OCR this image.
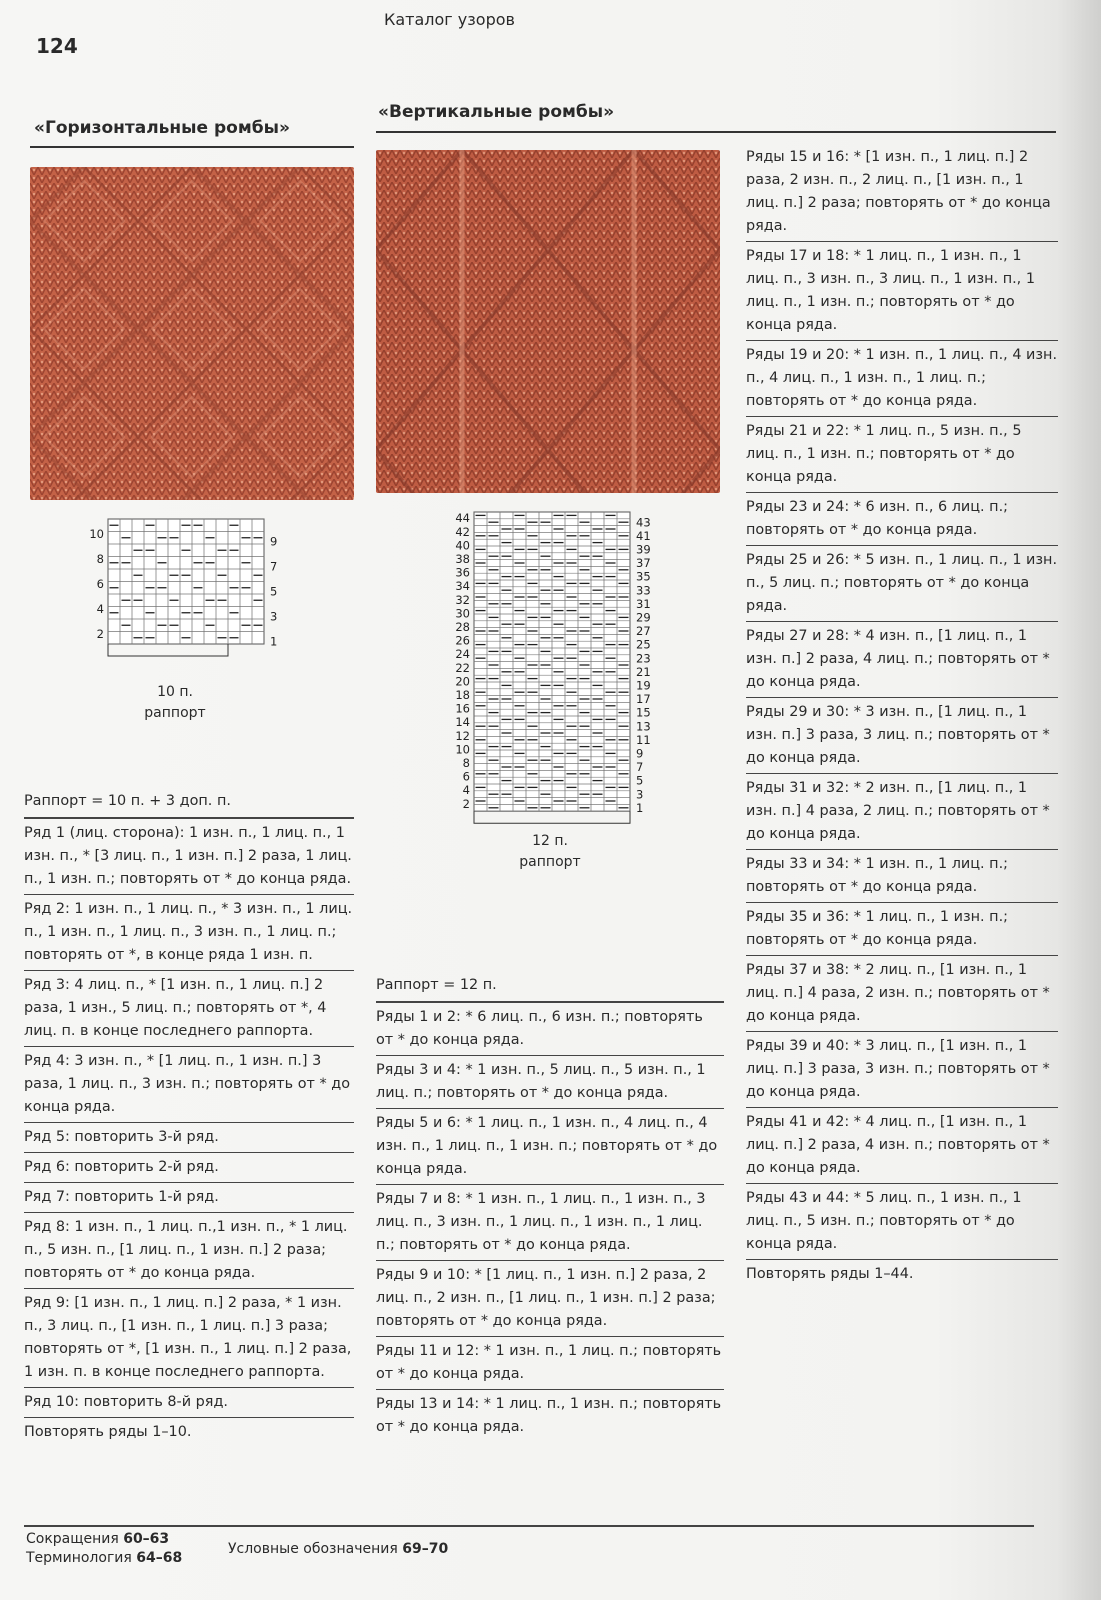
124
Каталог узоров
«Горизонтальные ромбы»
«Вертикальные ромбы»
10
8
6
4
2
9
7
5
3
1
10 п.
раппорт
44
42
40
38
36
34
32
30
28
26
24
22
20
18
16
14
12
10
8
6
4
2
43
41
39
37
35
33
31
29
27
25
23
21
19
17
15
13
11
9
7
5
3
1
12 п.
раппорт
Раппорт = 10 п. + 3 доп. п.
Ряд 1 (лиц. сторона): 1 изн. п., 1 лиц. п., 1 изн. п., * [3 лиц. п., 1 изн. п.] 2 раза, 1 лиц. п., 1 изн. п.; повторять от * до конца ряда.
Ряд 2: 1 изн. п., 1 лиц. п., * 3 изн. п., 1 лиц. п., 1 изн. п., 1 лиц. п., 3 изн. п., 1 лиц. п.; повторять от *, в конце ряда 1 изн. п.
Ряд 3: 4 лиц. п., * [1 изн. п., 1 лиц. п.] 2 раза, 1 изн., 5 лиц. п.; повторять от *, 4 лиц. п. в конце последнего раппорта.
Ряд 4: 3 изн. п., * [1 лиц. п., 1 изн. п.] 3 раза, 1 лиц. п., 3 изн. п.; повторять от * до конца ряда.
Ряд 5: повторить 3-й ряд.
Ряд 6: повторить 2-й ряд.
Ряд 7: повторить 1-й ряд.
Ряд 8: 1 изн. п., 1 лиц. п.,1 изн. п., * 1 лиц. п., 5 изн. п., [1 лиц. п., 1 изн. п.] 2 раза; повторять от * до конца ряда.
Ряд 9: [1 изн. п., 1 лиц. п.] 2 раза, * 1 изн. п., 3 лиц. п., [1 изн. п., 1 лиц. п.] 3 раза; повторять от *, [1 изн. п., 1 лиц. п.] 2 раза, 1 изн. п. в конце последнего раппорта.
Ряд 10: повторить 8-й ряд.
Повторять ряды 1–10.
Раппорт = 12 п.
Ряды 1 и 2: * 6 лиц. п., 6 изн. п.; повторять от * до конца ряда.
Ряды 3 и 4: * 1 изн. п., 5 лиц. п., 5 изн. п., 1 лиц. п.; повторять от * до конца ряда.
Ряды 5 и 6: * 1 лиц. п., 1 изн. п., 4 лиц. п., 4 изн. п., 1 лиц. п., 1 изн. п.; повторять от * до конца ряда.
Ряды 7 и 8: * 1 изн. п., 1 лиц. п., 1 изн. п., 3 лиц. п., 3 изн. п., 1 лиц. п., 1 изн. п., 1 лиц. п.; повторять от * до конца ряда.
Ряды 9 и 10: * [1 лиц. п., 1 изн. п.] 2 раза, 2 лиц. п., 2 изн. п., [1 лиц. п., 1 изн. п.] 2 раза; повторять от * до конца ряда.
Ряды 11 и 12: * 1 изн. п., 1 лиц. п.; повторять от * до конца ряда.
Ряды 13 и 14: * 1 лиц. п., 1 изн. п.; повторять от * до конца ряда.
Ряды 15 и 16: * [1 изн. п., 1 лиц. п.] 2 раза, 2 изн. п., 2 лиц. п., [1 изн. п., 1 лиц. п.] 2 раза; повторять от * до конца ряда.
Ряды 17 и 18: * 1 лиц. п., 1 изн. п., 1 лиц. п., 3 изн. п., 3 лиц. п., 1 изн. п., 1 лиц. п., 1 изн. п.; повторять от * до конца ряда.
Ряды 19 и 20: * 1 изн. п., 1 лиц. п., 4 изн. п., 4 лиц. п., 1 изн. п., 1 лиц. п.; повторять от * до конца ряда.
Ряды 21 и 22: * 1 лиц. п., 5 изн. п., 5 лиц. п., 1 изн. п.; повторять от * до конца ряда.
Ряды 23 и 24: * 6 изн. п., 6 лиц. п.; повторять от * до конца ряда.
Ряды 25 и 26: * 5 изн. п., 1 лиц. п., 1 изн. п., 5 лиц. п.; повторять от * до конца ряда.
Ряды 27 и 28: * 4 изн. п., [1 лиц. п., 1 изн. п.] 2 раза, 4 лиц. п.; повторять от * до конца ряда.
Ряды 29 и 30: * 3 изн. п., [1 лиц. п., 1 изн. п.] 3 раза, 3 лиц. п.; повторять от * до конца ряда.
Ряды 31 и 32: * 2 изн. п., [1 лиц. п., 1 изн. п.] 4 раза, 2 лиц. п.; повторять от * до конца ряда.
Ряды 33 и 34: * 1 изн. п., 1 лиц. п.; повторять от * до конца ряда.
Ряды 35 и 36: * 1 лиц. п., 1 изн. п.; повторять от * до конца ряда.
Ряды 37 и 38: * 2 лиц. п., [1 изн. п., 1 лиц. п.] 4 раза, 2 изн. п.; повторять от * до конца ряда.
Ряды 39 и 40: * 3 лиц. п., [1 изн. п., 1 лиц. п.] 3 раза, 3 изн. п.; повторять от * до конца ряда.
Ряды 41 и 42: * 4 лиц. п., [1 изн. п., 1 лиц. п.] 2 раза, 4 изн. п.; повторять от * до конца ряда.
Ряды 43 и 44: * 5 лиц. п., 1 изн. п., 1 лиц. п., 5 изн. п.; повторять от * до конца ряда.
Повторять ряды 1–44.
Сокращения 60–63
Терминология 64–68
Условные обозначения 69–70
